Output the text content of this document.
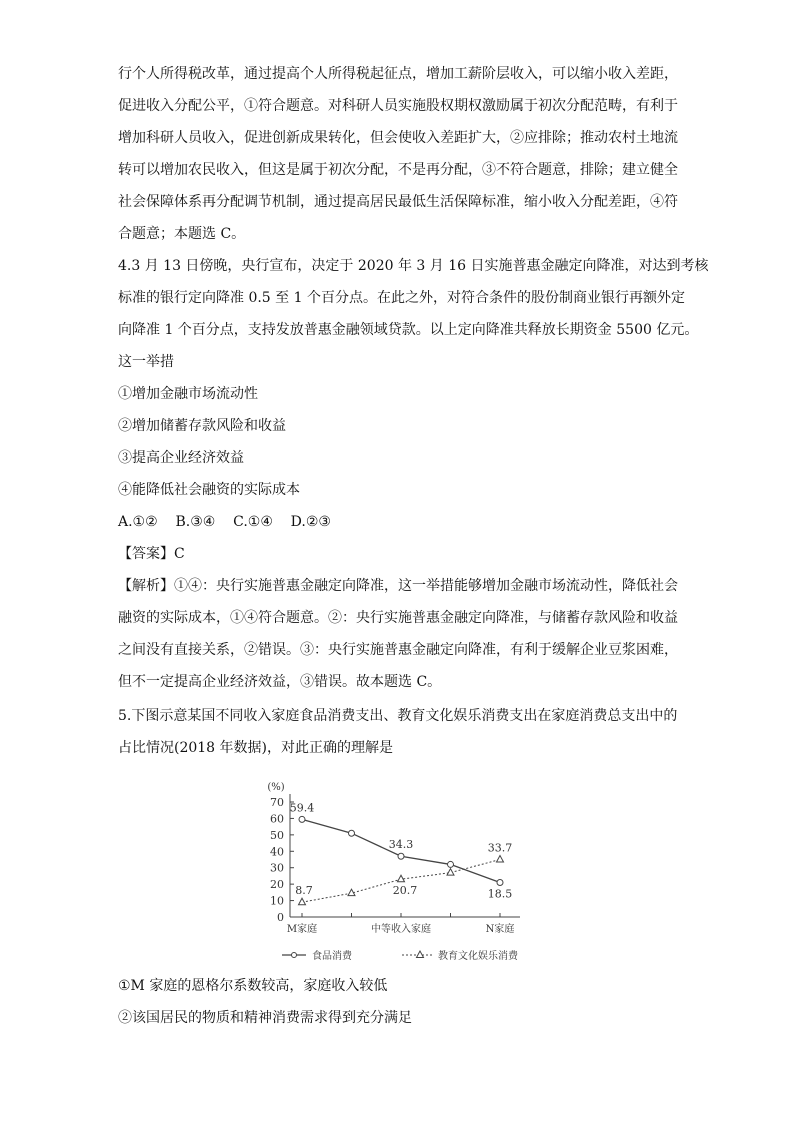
行个人所得税改革，通过提高个人所得税起征点，增加工薪阶层收入，可以缩小收入差距，
促进收入分配公平，①符合题意。对科研人员实施股权期权激励属于初次分配范畴，有利于
增加科研人员收入，促进创新成果转化，但会使收入差距扩大，②应排除；推动农村土地流
转可以增加农民收入，但这是属于初次分配，不是再分配，③不符合题意，排除；建立健全
社会保障体系再分配调节机制，通过提高居民最低生活保障标准，缩小收入分配差距，④符
合题意；本题选 C。
4.3 月 13 日傍晚，央行宣布，决定于 2020 年 3 月 16 日实施普惠金融定向降准，对达到考核
标准的银行定向降准 0.5 至 1 个百分点。在此之外，对符合条件的股份制商业银行再额外定
向降准 1 个百分点，支持发放普惠金融领域贷款。以上定向降准共释放长期资金 5500 亿元。
这一举措
①增加金融市场流动性
②增加储蓄存款风险和收益
③提高企业经济效益
④能降低社会融资的实际成本
A.①②    B.③④    C.①④    D.②③
【答案】C
【解析】①④：央行实施普惠金融定向降准，这一举措能够增加金融市场流动性，降低社会
融资的实际成本，①④符合题意。②：央行实施普惠金融定向降准，与储蓄存款风险和收益
之间没有直接关系，②错误。③：央行实施普惠金融定向降准，有利于缓解企业豆浆困难，
但不一定提高企业经济效益，③错误。故本题选 C。
5.下图示意某国不同收入家庭食品消费支出、教育文化娱乐消费支出在家庭消费总支出中的
占比情况(2018 年数据)，对此正确的理解是
(%)
0
10
20
30
40
50
60
70
M家庭	中等收入家庭	N家庭
59.4
34.3
18.5
8.7	20.7
33.7
食品消费	教育文化娱乐消费
①M 家庭的恩格尔系数较高，家庭收入较低
②该国居民的物质和精神消费需求得到充分满足
